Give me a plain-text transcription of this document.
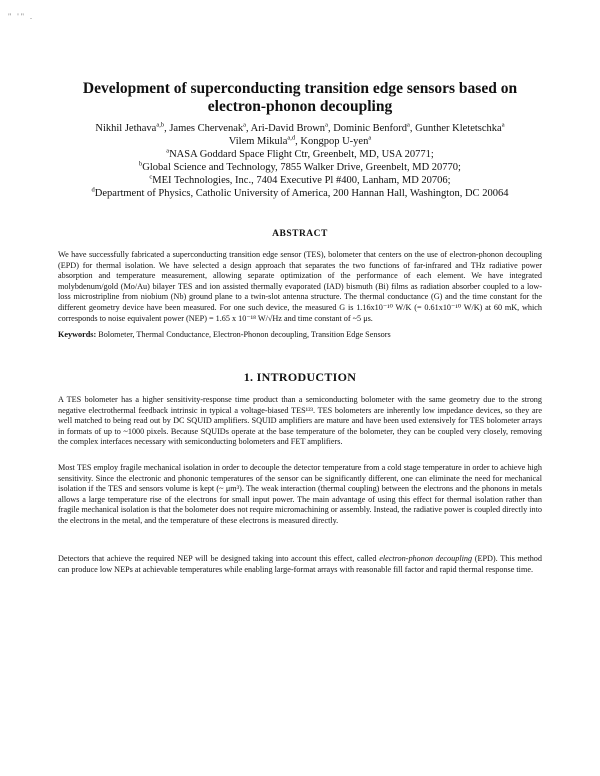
" '" .
Development of superconducting transition edge sensors based on
electron-phonon decoupling
Nikhil Jethava$^{a,b}$, James Chervenak$^a$, Ari-David Brown$^a$, Dominic Benford$^a$, Gunther Kletetschka$^a$
Vilem Mikula$^{a,d}$, Kongpop U-yen$^a$
$^a$NASA Goddard Space Flight Ctr, Greenbelt, MD, USA 20771;
$^b$Global Science and Technology, 7855 Walker Drive, Greenbelt, MD 20770;
$^c$MEI Technologies, Inc., 7404 Executive Pl #400, Lanham, MD 20706;
$^d$Department of Physics, Catholic University of America, 200 Hannan Hall, Washington, DC 20064
ABSTRACT
We have successfully fabricated a superconducting transition edge sensor (TES), bolometer that centers on the use of electron-phonon decoupling (EPD) for thermal isolation. We have selected a design approach that separates the two functions of far-infrared and THz radiative power absorption and temperature measurement, allowing separate optimization of the performance of each element. We have integrated molybdenum/gold (Mo/Au) bilayer TES and ion assisted thermally evaporated (IAD) bismuth (Bi) films as radiation absorber coupled to a low-loss microstripline from niobium (Nb) ground plane to a twin-slot antenna structure. The thermal conductance (G) and the time constant for the different geometry device have been measured. For one such device, the measured G is 1.16x10⁻¹⁰ W/K (= 0.61x10⁻¹⁰ W/K) at 60 mK, which corresponds to noise equivalent power (NEP) = 1.65 x 10⁻¹⁸ W/√Hz and time constant of ~5 μs.
Keywords: Bolometer, Thermal Conductance, Electron-Phonon decoupling, Transition Edge Sensors
1. INTRODUCTION
A TES bolometer has a higher sensitivity-response time product than a semiconducting bolometer with the same geometry due to the strong negative electrothermal feedback intrinsic in typical a voltage-biased TES¹²³. TES bolometers are inherently low impedance devices, so they are well matched to being read out by DC SQUID amplifiers. SQUID amplifiers are mature and have been used extensively for TES bolometer arrays in formats of up to ~1000 pixels. Because SQUIDs operate at the base temperature of the bolometer, they can be coupled very closely, removing the complex interfaces necessary with semiconducting bolometers and FET amplifiers.
Most TES employ fragile mechanical isolation in order to decouple the detector temperature from a cold stage temperature in order to achieve high sensitivity. Since the electronic and phononic temperatures of the sensor can be significantly different, one can eliminate the need for mechanical isolation if the TES and sensors volume is kept (~ μm³). The weak interaction (thermal coupling) between the electrons and the phonons in metals allows a large temperature rise of the electrons for small input power. The main advantage of using this effect for thermal isolation rather than fragile mechanical isolation is that the bolometer does not require micromachining or assembly. Instead, the radiative power is coupled directly into the electrons in the metal, and the temperature of these electrons is measured directly.
Detectors that achieve the required NEP will be designed taking into account this effect, called electron-phonon decoupling (EPD). This method can produce low NEPs at achievable temperatures while enabling large-format arrays with reasonable fill factor and rapid thermal response time.
